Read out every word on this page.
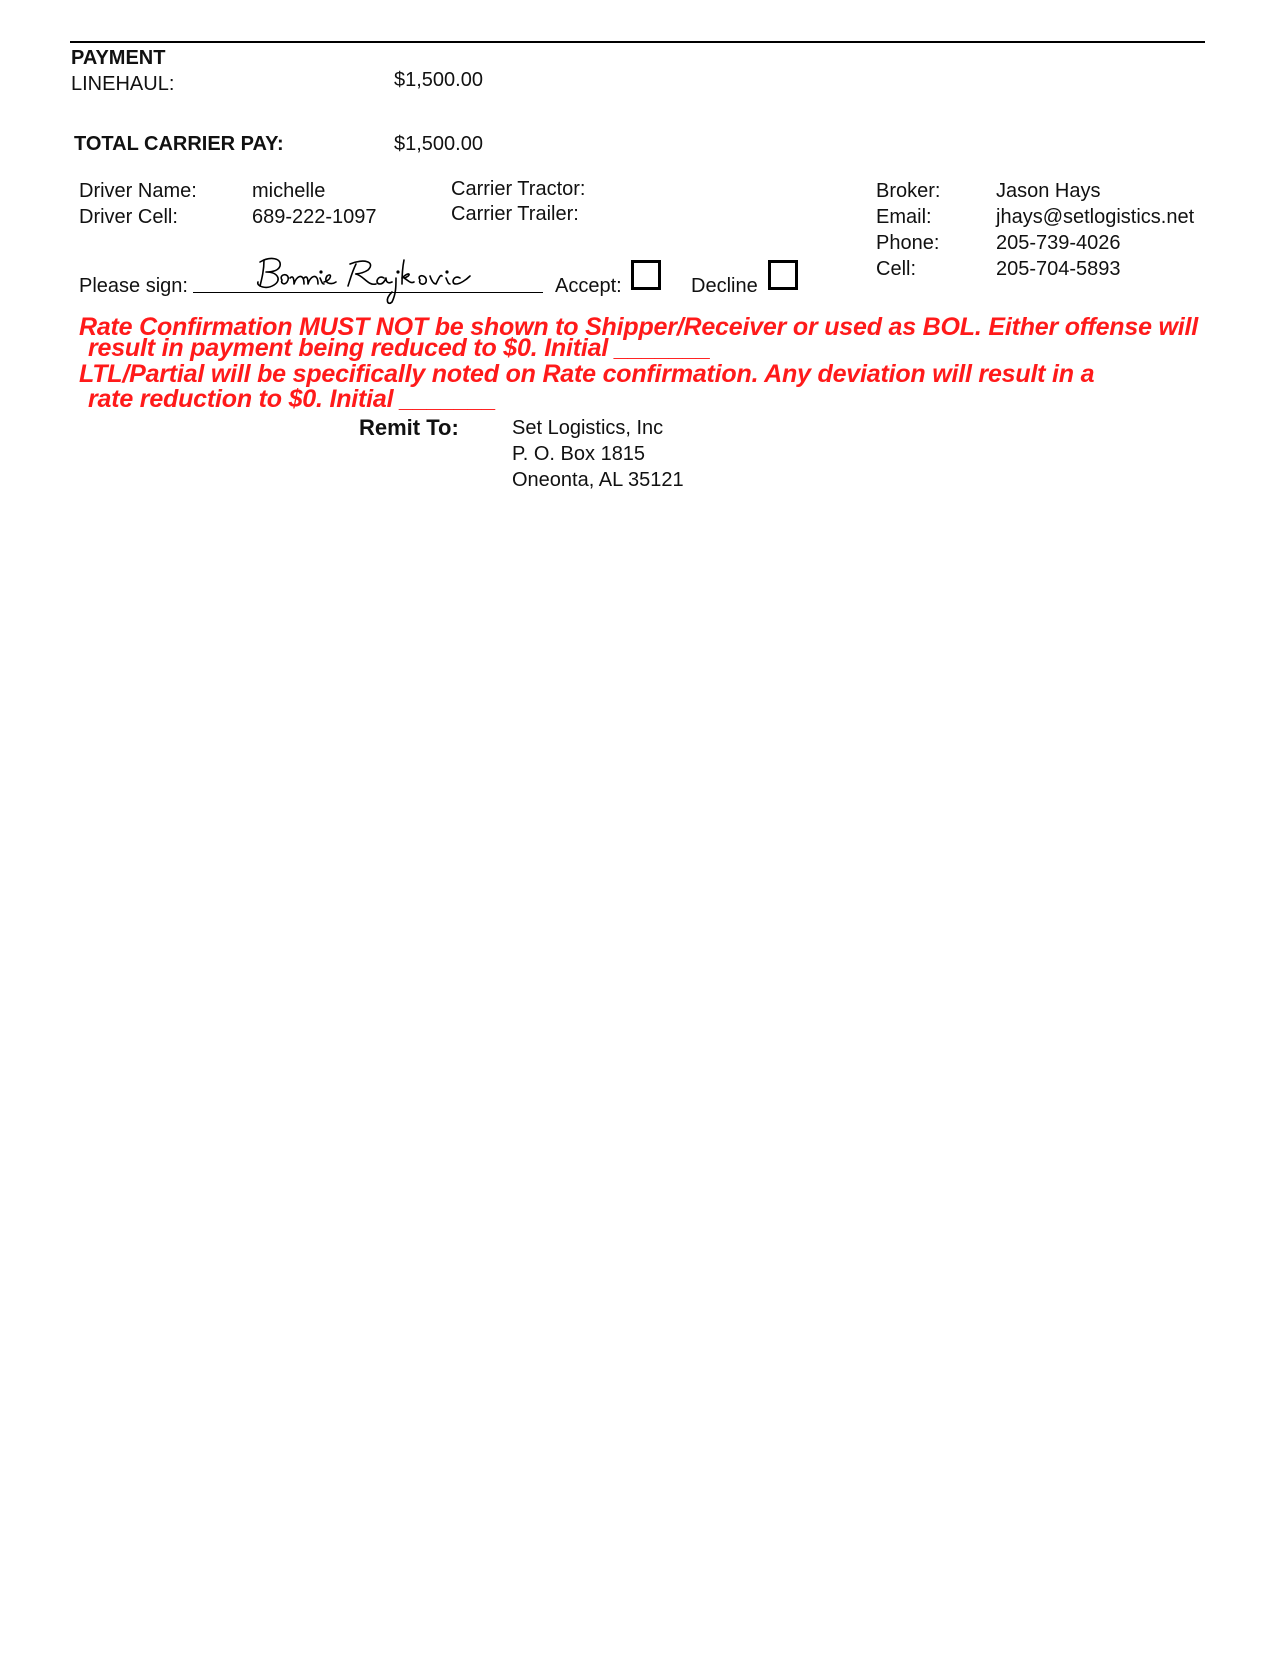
PAYMENT
LINEHAUL:	$1,500.00
TOTAL CARRIER PAY:	$1,500.00
Driver Name:	michelle
Driver Cell:	689-222-1097
Carrier Tractor:
Carrier Trailer:
Broker:	Jason Hays
Email:	jhays@setlogistics.net
Phone:	205-739-4026
Cell:	205-704-5893
Please sign:	Accept:	Decline
Rate Confirmation MUST NOT be shown to Shipper/Receiver or used as BOL. Either offense will
result in payment being reduced to $0. Initial _______
LTL/Partial will be specifically noted on Rate confirmation. Any deviation will result in a
rate reduction to $0. Initial _______
Remit To:	Set Logistics, Inc
P. O. Box 1815
Oneonta, AL 35121
